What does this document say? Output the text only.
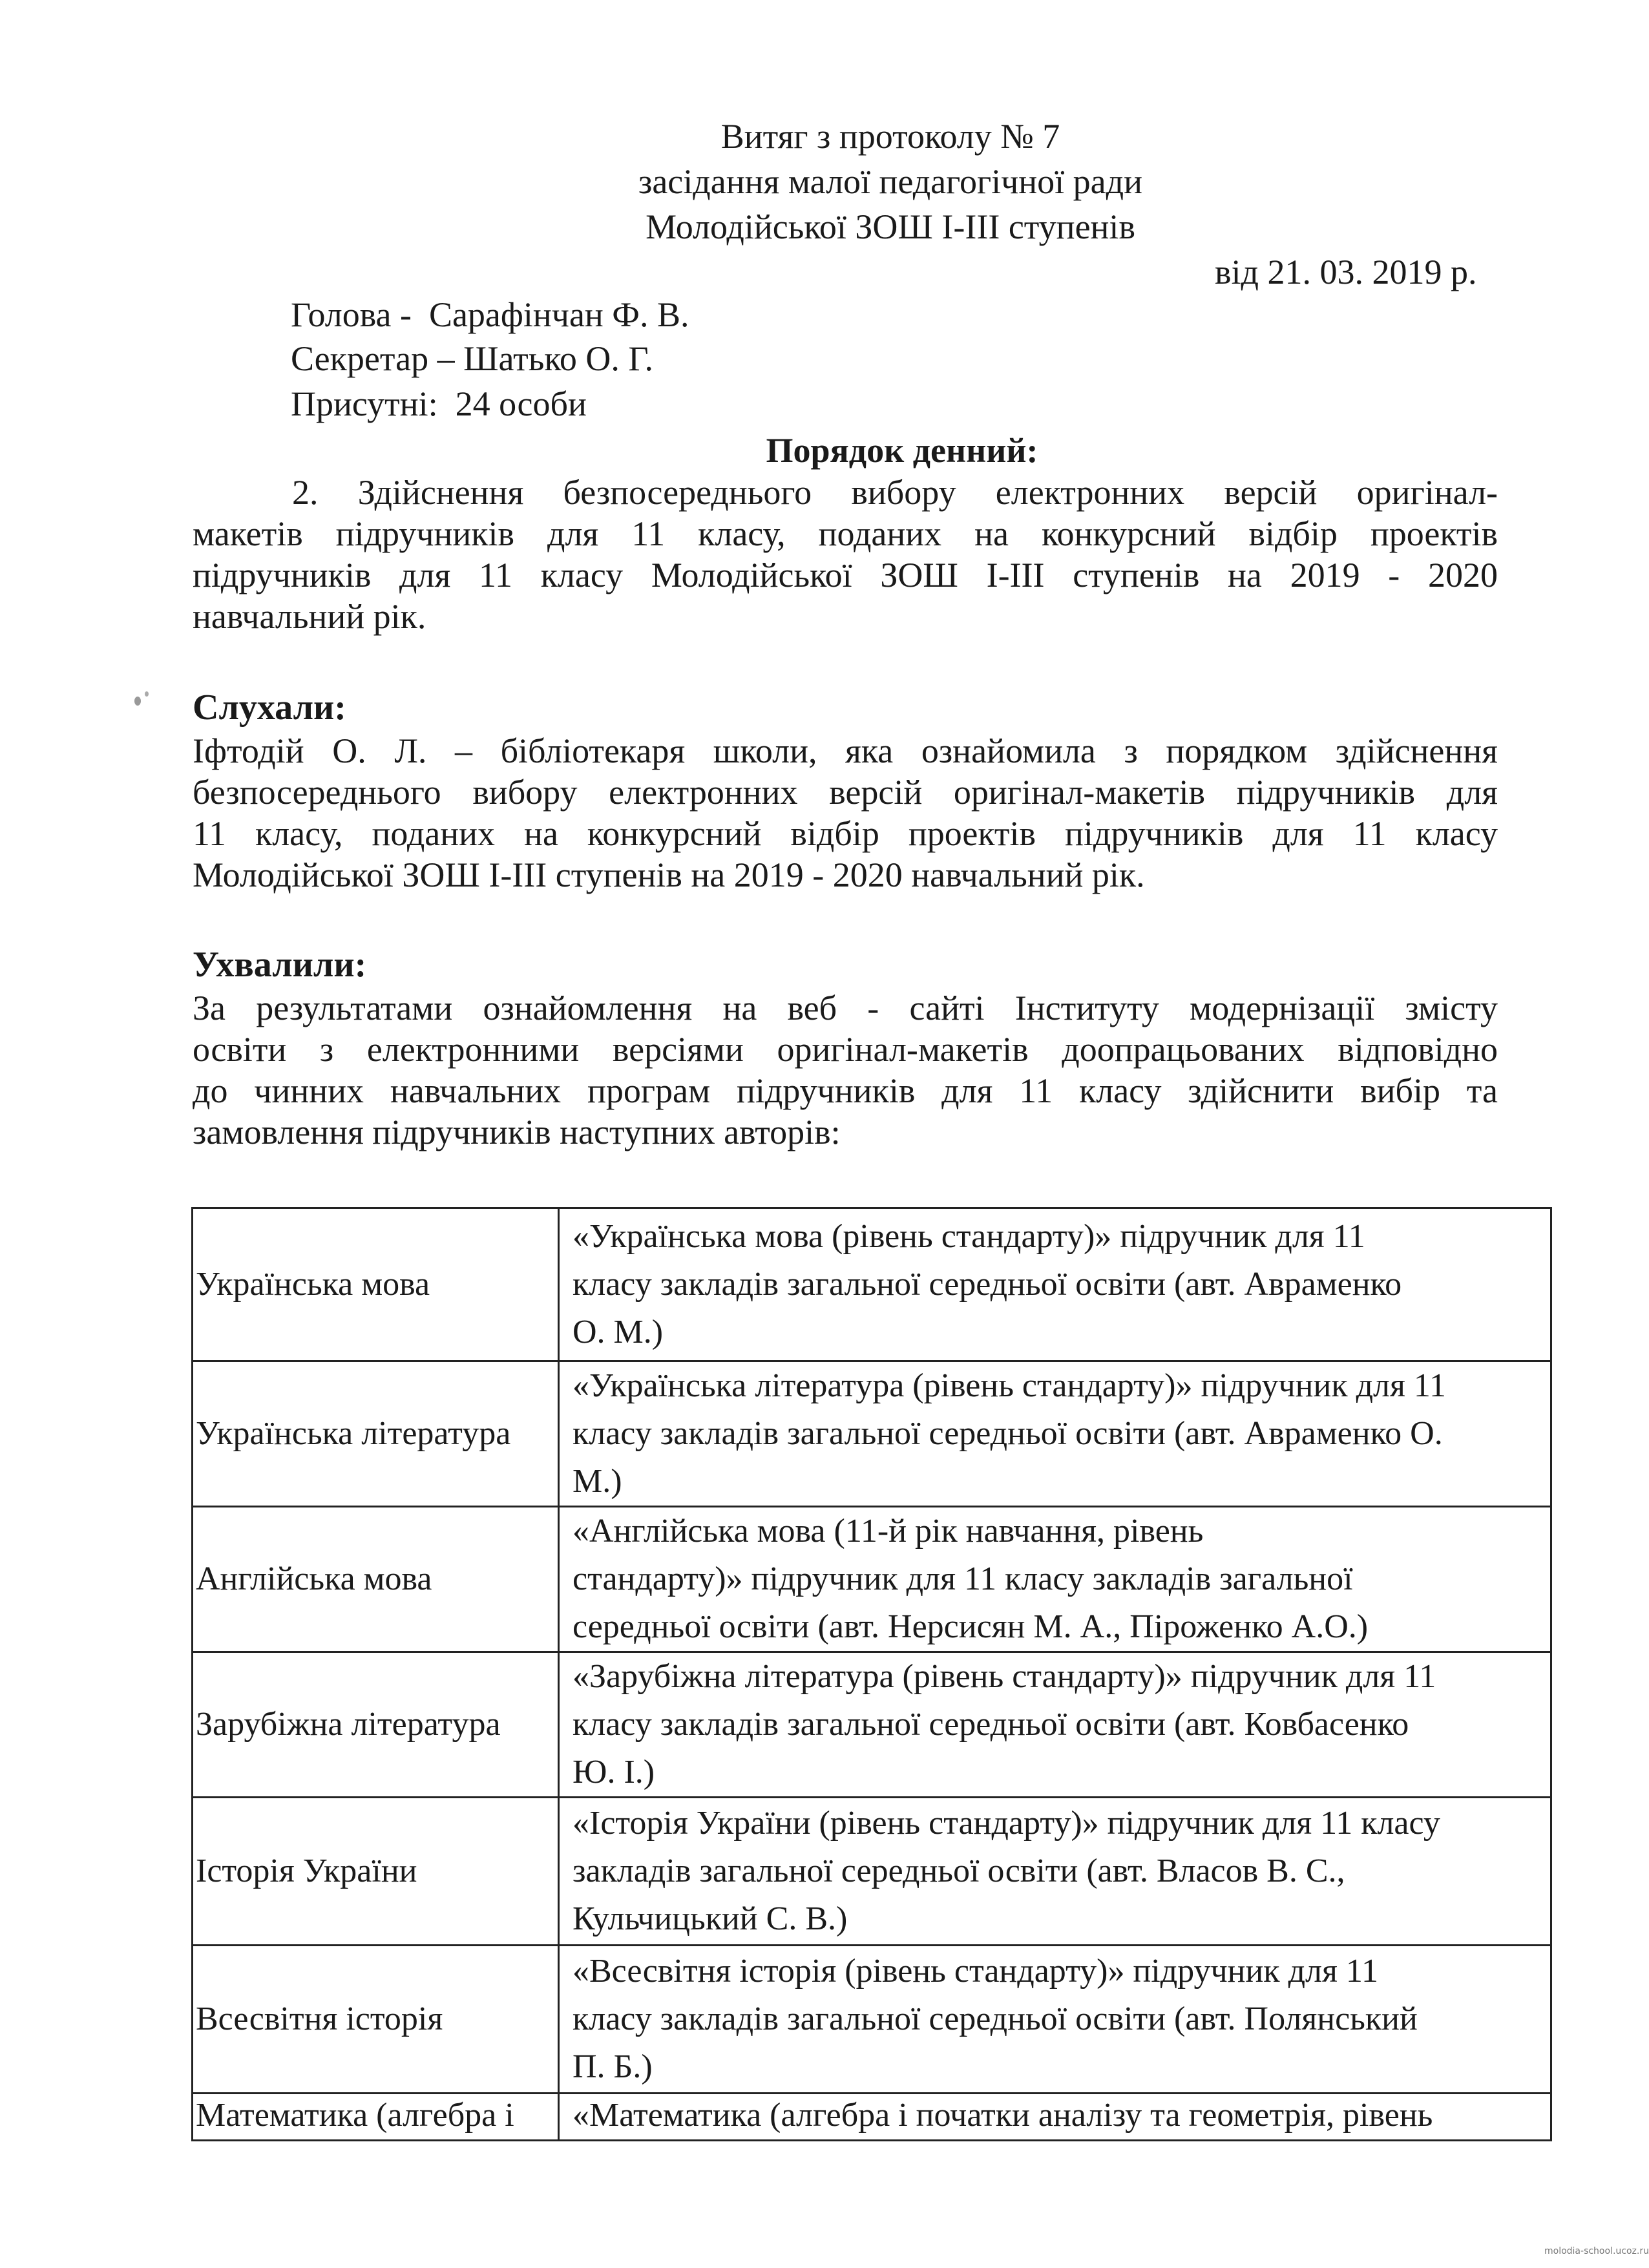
Витяг з протоколу № 7
засідання малої педагогічної ради
Молодійської ЗОШ І-ІІІ ступенів
від 21. 03. 2019 р.
Голова -  Сарафінчан Ф. В.
Секретар – Шатько О. Г.
Присутні:  24 особи
Порядок денний:
2. Здійснення безпосереднього вибору електронних версій оригінал-
макетів підручників для 11 класу, поданих на конкурсний відбір проектів
підручників для 11 класу Молодійської ЗОШ І-ІІІ ступенів на 2019 - 2020
навчальний рік.
Слухали:
Іфтодій О. Л. – бібліотекаря школи, яка ознайомила з порядком здійснення
безпосереднього вибору електронних версій оригінал-макетів підручників для
11 класу, поданих на конкурсний відбір проектів підручників для 11 класу
Молодійської ЗОШ І-ІІІ ступенів на 2019 - 2020 навчальний рік.
Ухвалили:
За результатами ознайомлення на веб - сайті Інституту модернізації змісту
освіти з електронними версіями оригінал-макетів доопрацьованих відповідно
до чинних навчальних програм підручників для 11 класу здійснити вибір та
замовлення підручників наступних авторів:
Українська мова	«Українська мова (рівень стандарту)» підручник для 11
класу закладів загальної середньої освіти (авт. Авраменко
О. М.)

Українська література	«Українська література (рівень стандарту)» підручник для 11
класу закладів загальної середньої освіти (авт. Авраменко О.
М.)

Англійська мова	«Англійська мова (11-й рік навчання, рівень
стандарту)» підручник для 11 класу закладів загальної
середньої освіти (авт. Нерсисян М. А., Піроженко А.О.)

Зарубіжна література	«Зарубіжна література (рівень стандарту)» підручник для 11
класу закладів загальної середньої освіти (авт. Ковбасенко
Ю. І.)

Історія України	«Історія України (рівень стандарту)» підручник для 11 класу
закладів загальної середньої освіти (авт. Власов В. С.,
Кульчицький С. В.)

Всесвітня історія	«Всесвітня історія (рівень стандарту)» підручник для 11
класу закладів загальної середньої освіти (авт. Полянський
П. Б.)

Математика (алгебра і	«Математика (алгебра і початки аналізу та геометрія, рівень
molodia-school.ucoz.ru
